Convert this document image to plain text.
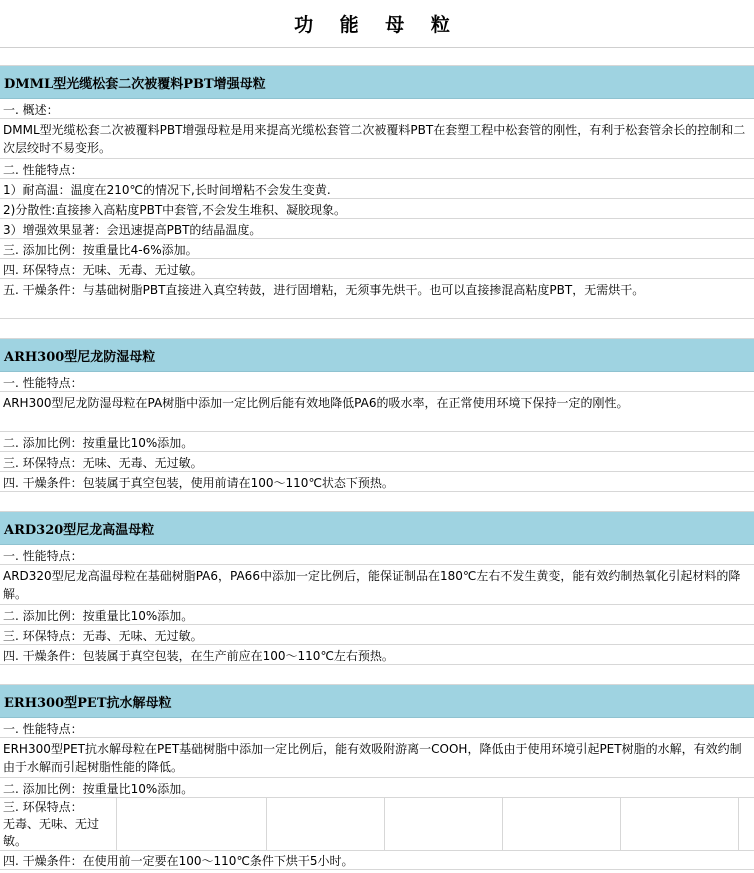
功 能 母 粒
DMML型光缆松套二次被覆料PBT增强母粒
一. 概述：
DMML型光缆松套二次被覆料PBT增强母粒是用来提高光缆松套管二次被覆料PBT在套塑工程中松套管的刚性，有利于松套管余长的控制和二次层绞时不易变形。
二. 性能特点：
1）耐高温：温度在210℃的情况下,长时间增粘不会发生变黄.
2)分散性:直接掺入高粘度PBT中套管,不会发生堆积、凝胶现象。
3）增强效果显著：会迅速提高PBT的结晶温度。
三. 添加比例：按重量比4-6%添加。
四. 环保特点：无味、无毒、无过敏。
五. 干燥条件：与基础树脂PBT直接进入真空转鼓，进行固增粘，无须事先烘干。也可以直接掺混高粘度PBT，无需烘干。
ARH300型尼龙防湿母粒
一. 性能特点：
ARH300型尼龙防湿母粒在PA树脂中添加一定比例后能有效地降低PA6的吸水率，在正常使用环境下保持一定的刚性。
二. 添加比例：按重量比10%添加。
三. 环保特点：无味、无毒、无过敏。
四. 干燥条件：包装属于真空包装，使用前请在100～110℃状态下预热。
ARD320型尼龙高温母粒
一. 性能特点：
ARD320型尼龙高温母粒在基础树脂PA6，PA66中添加一定比例后，能保证制品在180℃左右不发生黄变，能有效约制热氧化引起材料的降解。
二. 添加比例：按重量比10%添加。
三. 环保特点：无毒、无味、无过敏。
四. 干燥条件：包装属于真空包装，在生产前应在100～110℃左右预热。
ERH300型PET抗水解母粒
一. 性能特点：
ERH300型PET抗水解母粒在PET基础树脂中添加一定比例后，能有效吸附游离一COOH，降低由于使用环境引起PET树脂的水解，有效约制由于水解而引起树脂性能的降低。
二. 添加比例：按重量比10%添加。
三. 环保特点：
无毒、无味、无过敏。
四. 干燥条件：在使用前一定要在100～110℃条件下烘干5小时。
